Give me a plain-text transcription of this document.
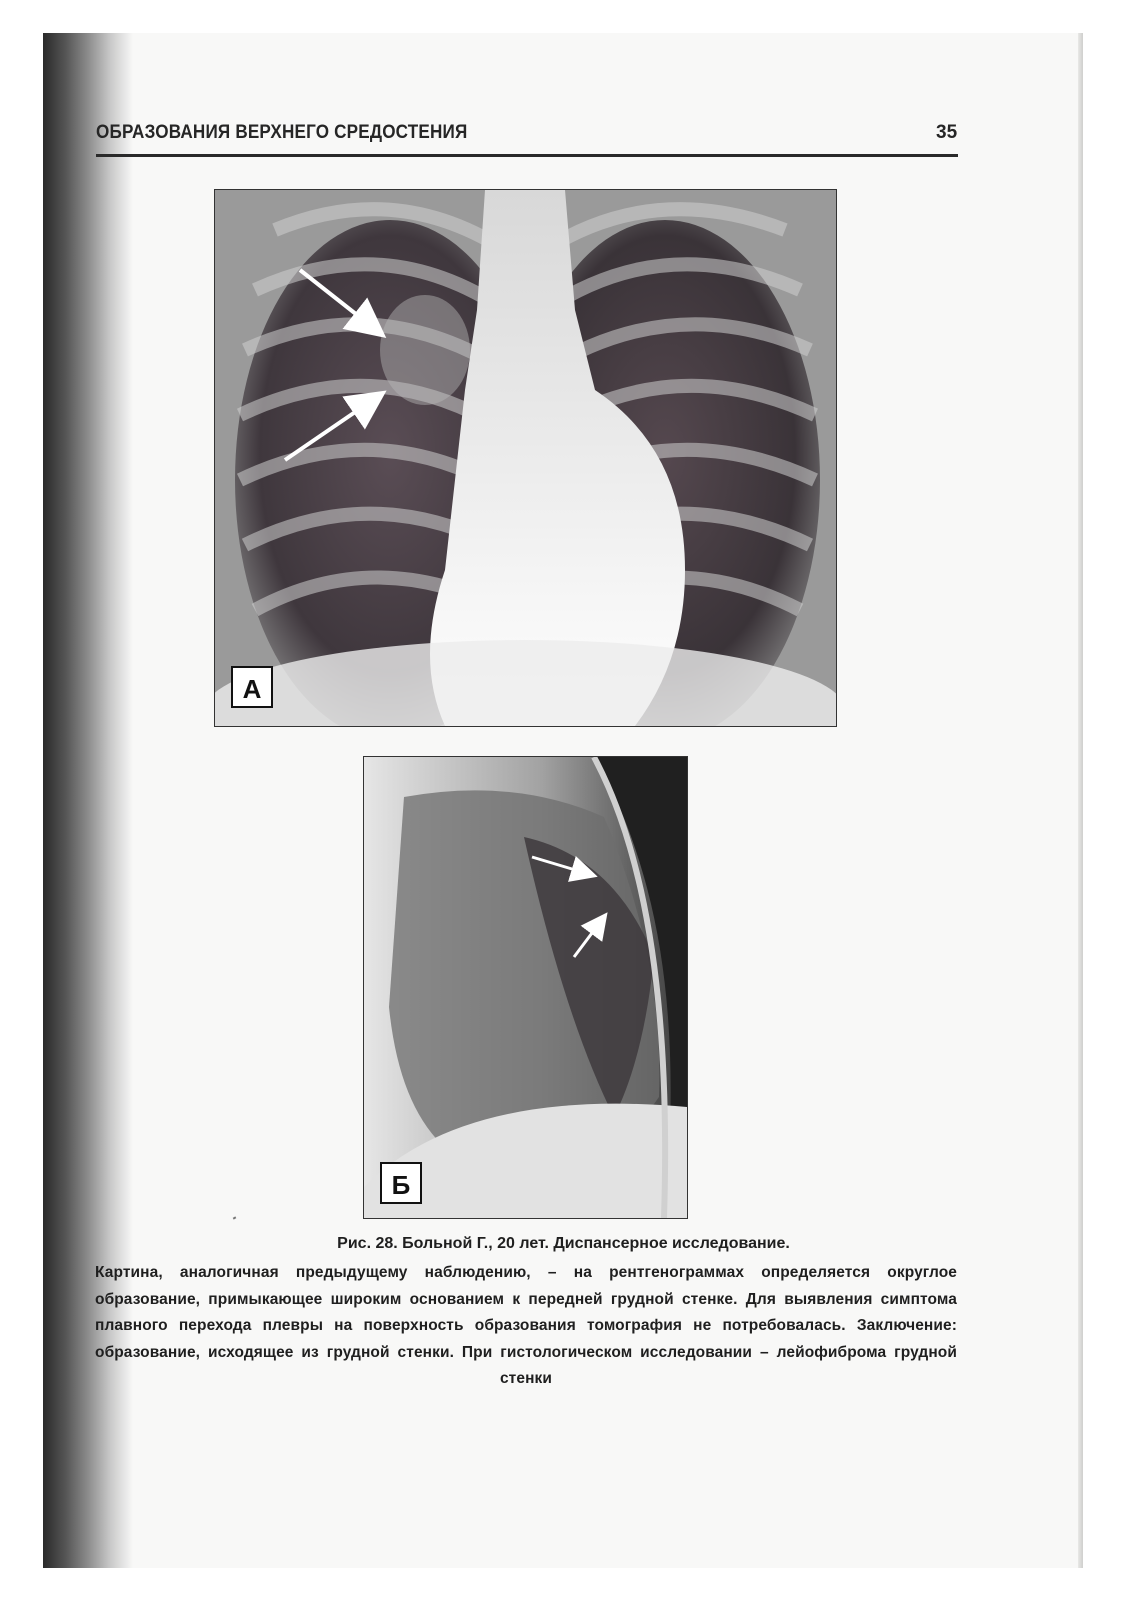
ОБРАЗОВАНИЯ ВЕРХНЕГО СРЕДОСТЕНИЯ	35
А
Б
Рис. 28. Больной Г., 20 лет. Диспансерное исследование.
Картина, аналогичная предыдущему наблюдению, – на рентгенограммах определяется округлое образование, примыкающее широким основанием к передней грудной стенке. Для выявления симптома плавного перехода плевры на поверхность образования томография не потребовалась. Заключение: образование, исходящее из грудной стенки. При гистологическом исследовании – лейофиброма грудной стенки
